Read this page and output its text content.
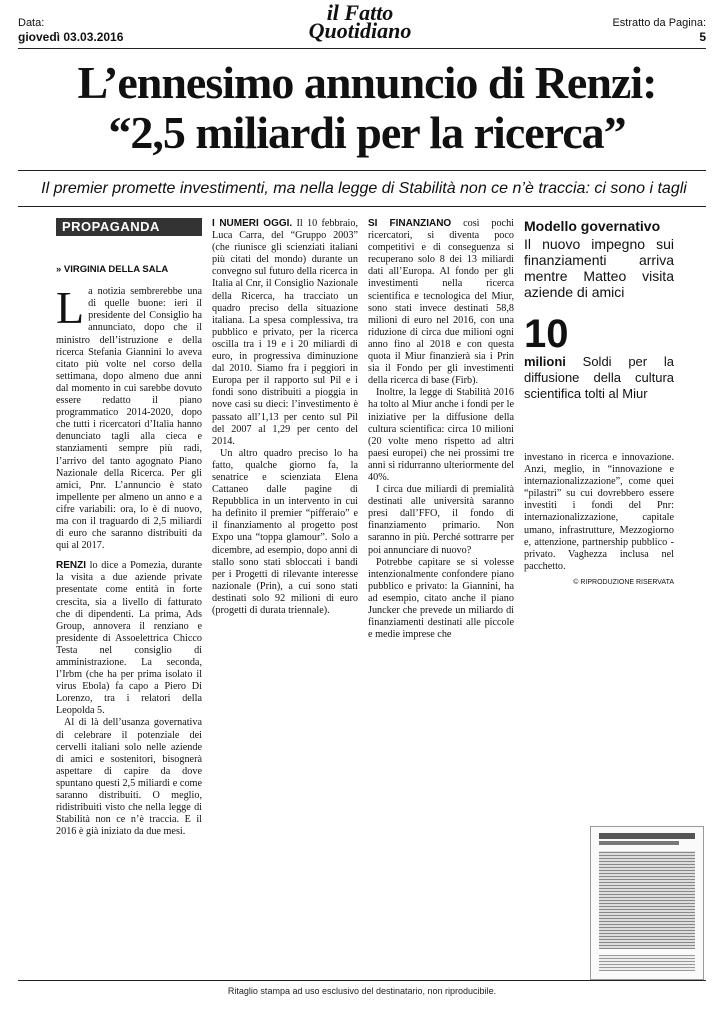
Data:
giovedì 03.03.2016
il Fatto
Quotidiano	Estratto da Pagina:
5
L’ennesimo annuncio di Renzi:
“2,5 miliardi per la ricerca”
Il premier promette investimenti, ma nella legge di Stabilità non ce n’è traccia: ci sono i tagli
PROPAGANDA
» VIRGINIA DELLA SALA

La notizia sembrerebbe una di quelle buone: ieri il presidente del Consiglio ha annunciato, dopo che il ministro dell’istruzione e della ricerca Stefania Giannini lo aveva citato più volte nel corso della settimana, dopo almeno due anni dal momento in cui sarebbe dovuto essere redatto il piano programmatico 2014-2020, dopo che tutti i ricercatori d’Italia hanno denunciato tagli alla cieca e stanziamenti sempre più radi, l’arrivo del tanto agognato Piano Nazionale della Ricerca. Per gli amici, Pnr. L’annuncio è stato impellente per almeno un anno e a cifre variabili: ora, lo è di nuovo, ma con il traguardo di 2,5 miliardi di euro che saranno distribuiti da qui al 2017.

RENZI lo dice a Pomezia, durante la visita a due aziende private presentate come entità in forte crescita, sia a livello di fatturato che di dipendenti. La prima, Ads Group, annovera il renziano e presidente di Assoelettrica Chicco Testa nel consiglio di amministrazione. La seconda, l’Irbm (che ha per prima isolato il virus Ebola) fa capo a Piero Di Lorenzo, tra i relatori della Leopolda 5.

Al di là dell’usanza governativa di celebrare il potenziale dei cervelli italiani solo nelle aziende di amici e sostenitori, bisognerà aspettare di capire da dove spuntano questi 2,5 miliardi e come saranno distribuiti. O meglio, ridistribuiti visto che nella legge di Stabilità non ce n’è traccia. E il 2016 è già iniziato da due mesi.

I NUMERI OGGI. Il 10 febbraio, Luca Carra, del “Gruppo 2003” (che riunisce gli scienziati italiani più citati del mondo) durante un convegno sul futuro della ricerca in Italia al Cnr, il Consiglio Nazionale della Ricerca, ha tracciato un quadro preciso della situazione italiana. La spesa complessiva, tra pubblico e privato, per la ricerca oscilla tra i 19 e i 20 miliardi di euro, in progressiva diminuzione dal 2010. Siamo fra i peggiori in Europa per il rapporto sul Pil e i fondi sono distribuiti a pioggia in nove casi su dieci: l’investimento è passato all’1,13 per cento sul Pil del 2007 al 1,29 per cento del 2014.

Un altro quadro preciso lo ha fatto, qualche giorno fa, la senatrice e scienziata Elena Cattaneo dalle pagine di Repubblica in un intervento in cui ha definito il premier “pifferaio” e il finanziamento al progetto post Expo una “toppa glamour”. Solo a dicembre, ad esempio, dopo anni di stallo sono stati sbloccati i bandi per i Progetti di rilevante interesse nazionale (Prin), a cui sono stati destinati solo 92 milioni di euro (progetti di durata triennale).

SI FINANZIANO così pochi ricercatori, si diventa poco competitivi e di conseguenza si recuperano solo 8 dei 13 miliardi dati all’Europa. Al fondo per gli investimenti nella ricerca scientifica e tecnologica del Miur, sono stati invece destinati 58,8 milioni di euro nel 2016, con una riduzione di circa due milioni ogni anno fino al 2018 e con questa quota il Miur finanzierà sia i Prin sia il Fondo per gli investimenti della ricerca di base (Firb).

Inoltre, la legge di Stabilità 2016 ha tolto al Miur anche i fondi per le iniziative per la diffusione della cultura scientifica: circa 10 milioni (20 volte meno rispetto ad altri paesi europei) che nei prossimi tre anni si ridurranno ulteriormente del 40%.

I circa due miliardi di premialità destinati alle università saranno presi dall’FFO, il fondo di finanziamento primario. Non saranno in più. Perché sottrarre per poi annunciare di nuovo?

Potrebbe capitare se si volesse intenzionalmente confondere piano pubblico e privato: la Giannini, ha ad esempio, citato anche il piano Juncker che prevede un miliardo di finanziamenti destinati alle piccole e medie imprese che

Modello governativo
Il nuovo impegno sui finanziamenti arriva mentre Matteo visita aziende di amici
10
milioni Soldi per la diffusione della cultura scientifica tolti al Miur

investano in ricerca e innovazione. Anzi, meglio, in “innovazione e internazionalizzazione”, come quei “pilastri” su cui dovrebbero essere investiti i fondi del Pnr: internazionalizzazione, capitale umano, infrastrutture, Mezzogiorno e, attenzione, partnership pubblico - privato. Vaghezza inclusa nel pacchetto.

© RIPRODUZIONE RISERVATA
Ritaglio stampa ad uso esclusivo del destinatario, non riproducibile.
